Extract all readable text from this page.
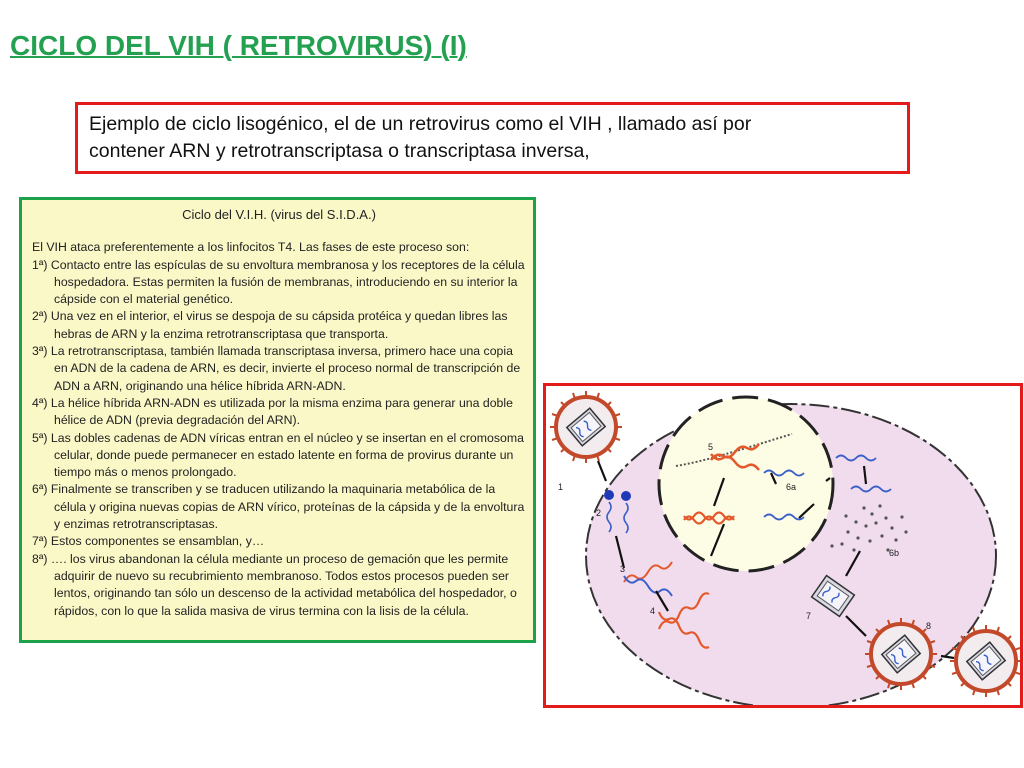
CICLO DEL VIH ( RETROVIRUS) (I)

Ejemplo de ciclo lisogénico, el de un retrovirus como el VIH , llamado así por

contener ARN y retrotranscriptasa o transcriptasa inversa,

Ciclo del V.I.H. (virus del S.I.D.A.)

El VIH ataca preferentemente a los linfocitos T4. Las fases de este proceso son:

1ª) Contacto entre las espículas de su envoltura membranosa y los receptores de la célula hospedadora. Estas permiten la fusión de membranas, introduciendo en su interior la cápside con el material genético.

2ª) Una vez en el interior, el virus se despoja de su cápsida protéica y quedan libres las hebras de ARN y la enzima retrotranscriptasa que transporta.

3ª) La retrotranscriptasa, también llamada transcriptasa inversa, primero hace una copia en ADN de la cadena de ARN, es decir, invierte el proceso normal de transcripción de ADN a ARN, originando una hélice híbrida ARN-ADN.

4ª) La hélice híbrida ARN-ADN es utilizada por la misma enzima para generar una doble hélice de ADN (previa degradación del ARN).

5ª) Las dobles cadenas de ADN víricas entran en el núcleo y se insertan en el cromosoma celular, donde puede permanecer en estado latente en forma de provirus durante un tiempo más o menos prolongado.

6ª) Finalmente se transcriben y se traducen utilizando la maquinaria metabólica de la célula y origina nuevas copias de ARN vírico, proteínas de la cápsida y de la envoltura y enzimas retrotranscriptasas.

7ª) Estos componentes se ensamblan, y…

8ª) …. los virus abandonan la célula mediante un proceso de gemación que les permite adquirir de nuevo su recubrimiento membranoso. Todos estos procesos pueden ser lentos, originando tan sólo un descenso de la actividad metabólica del hospedador, o rápidos, con lo que la salida masiva de virus termina con la lisis de la célula.

1
2
3
4
5
6a
6b
7
8
